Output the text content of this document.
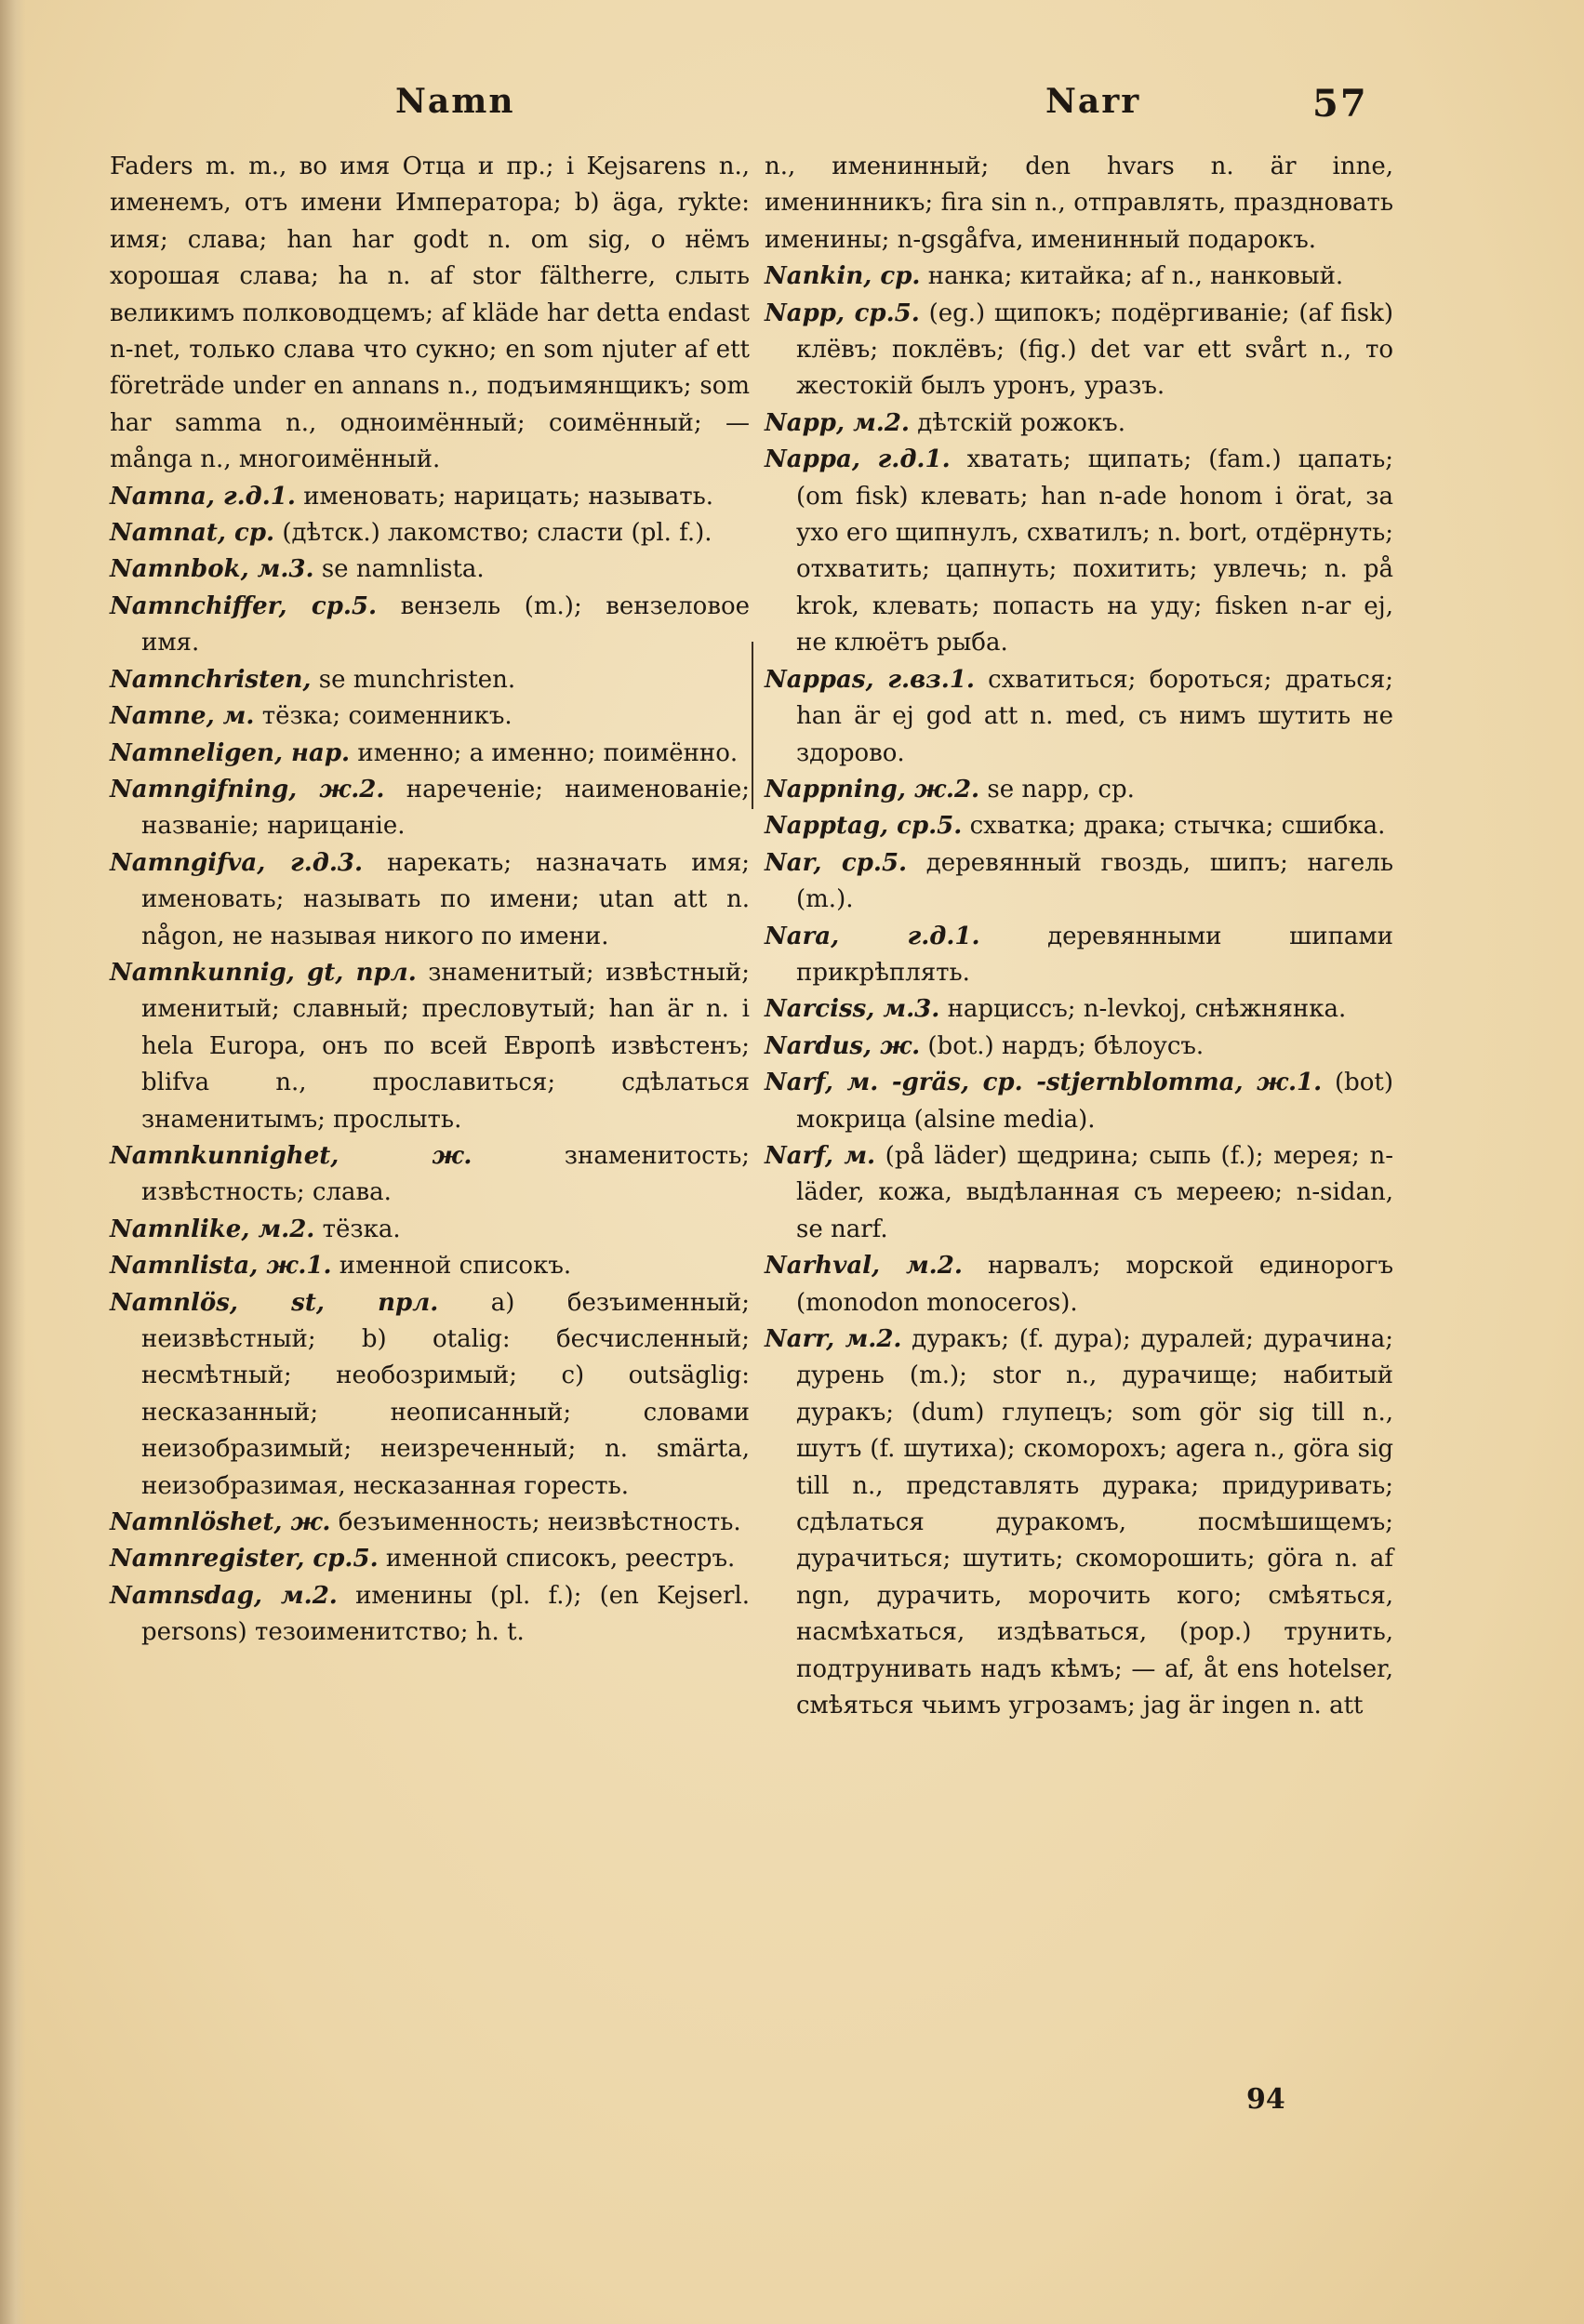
Namn	Narr	57

Faders m. m., во имя Отца и пр.; i Kejsarens n., именемъ, отъ имени Императора; b) äga, rykte: имя; слава; han har godt n. om sig, о нёмъ хорошая слава; ha n. af stor fältherre, слыть великимъ полководцемъ; af kläde har detta endast n-net, только слава что сукно; en som njuter af ett företräde under en annans n., подъимянщикъ; som har samma n., одноимённый; соимённый; — många n., многоимённый.

Namna, г.д.1. именовать; нарицать; называть.

Namnat, ср. (дѣтск.) лакомство; сласти (pl. f.).

Namnbok, м.3. se namnlista.

Namnchiffer, ср.5. вензель (m.); вензеловое имя.

Namnchristen, se munchristen.

Namne, м. тёзка; соименникъ.

Namneligen, нар. именно; а именно; поимённо.

Namngifning, ж.2. нареченіе; наименованіе; названіе; нарицаніе.

Namngifva, г.д.3. нарекать; назначать имя; именовать; называть по имени; utan att n. någon, не называя никого по имени.

Namnkunnig, gt, прл. знаменитый; извѣстный; именитый; славный; пресловутый; han är n. i hela Europa, онъ по всей Европѣ извѣстенъ; blifva n., прославиться; сдѣлаться знаменитымъ; прослыть.

Namnkunnighet, ж. знаменитость; извѣстность; слава.

Namnlike, м.2. тёзка.

Namnlista, ж.1. именной списокъ.

Namnlös, st, прл. a) безъименный; неизвѣстный; b) otalig: бесчисленный; несмѣтный; необозримый; c) outsäglig: несказанный; неописанный; словами неизобразимый; неизреченный; n. smärta, неизобразимая, несказанная горесть.

Namnlöshet, ж. безъименность; неизвѣстность.

Namnregister, ср.5. именной списокъ, реестръ.

Namnsdag, м.2. именины (pl. f.); (en Kejserl. persons) тезоименитство; h. t.

n., именинный; den hvars n. är inne, именинникъ; fira sin n., отправлять, праздновать именины; n-gsgåfva, именинный подарокъ.

Nankin, ср. нанка; китайка; af n., нанковый.

Napp, ср.5. (eg.) щипокъ; подёргиваніе; (af fisk) клёвъ; поклёвъ; (fig.) det var ett svårt n., то жестокій былъ уронъ, уразъ.

Napp, м.2. дѣтскій рожокъ.

Nappa, г.д.1. хватать; щипать; (fam.) цапать; (om fisk) клевать; han n-ade honom i örat, за ухо его щипнулъ, схватилъ; n. bort, отдёрнуть; отхватить; цапнуть; похитить; увлечь; n. på krok, клевать; попасть на уду; fisken n-ar ej, не клюётъ рыба.

Nappas, г.вз.1. схватиться; бороться; драться; han är ej god att n. med, съ нимъ шутить не здорово.

Nappning, ж.2. se napp, ср.

Napptag, ср.5. схватка; драка; стычка; сшибка.

Nar, ср.5. деревянный гвоздь, шипъ; нагель (m.).

Nara, г.д.1. деревянными шипами прикрѣплять.

Narciss, м.3. нарциссъ; n-levkoj, снѣжнянка.

Nardus, ж. (bot.) нардъ; бѣлоусъ.

Narf, м. -gräs, ср. -stjernblomma, ж.1. (bot) мокрица (alsine media).

Narf, м. (på läder) щедрина; сыпь (f.); мерея; n-läder, кожа, выдѣланная съ мереею; n-sidan, se narf.

Narhval, м.2. нарвалъ; морской единорогъ (monodon monoceros).

Narr, м.2. дуракъ; (f. дура); дуралей; дурачина; дурень (m.); stor n., дурачище; набитый дуракъ; (dum) глупецъ; som gör sig till n., шутъ (f. шутиха); скоморохъ; agera n., göra sig till n., представлять дурака; придуривать; сдѣлаться дуракомъ, посмѣшищемъ; дурачиться; шутить; скоморошить; göra n. af ngn, дурачить, морочить кого; смѣяться, насмѣхаться, издѣваться, (pop.) трунить, подтрунивать надъ кѣмъ; — af, åt ens hotelser, смѣяться чьимъ угрозамъ; jag är ingen n. att

94
